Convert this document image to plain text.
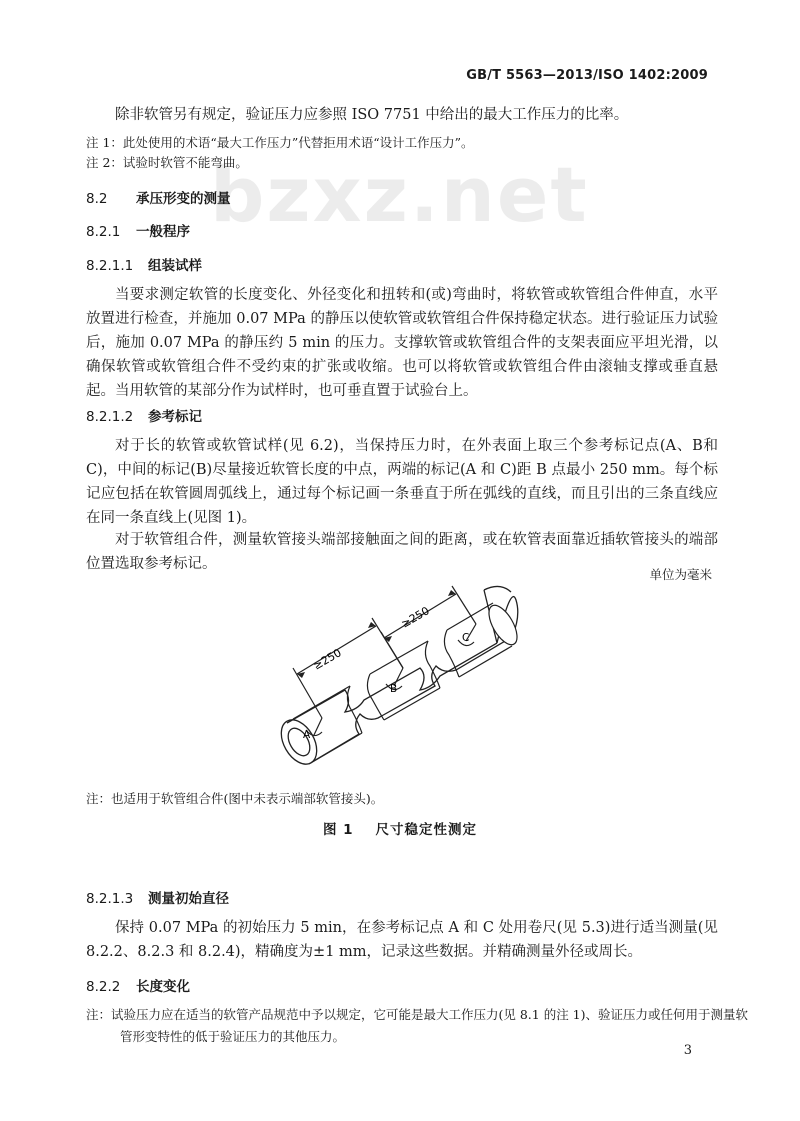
bzxz.net
GB/T 5563—2013/ISO 1402:2009
除非软管另有规定，验证压力应参照 ISO 7751 中给出的最大工作压力的比率。
注 1：此处使用的术语“最大工作压力”代替拒用术语“设计工作压力”。
注 2：试验时软管不能弯曲。
8.2 承压形变的测量
8.2.1 一般程序
8.2.1.1 组装试样
当要求测定软管的长度变化、外径变化和扭转和(或)弯曲时，将软管或软管组合件伸直，水平放置进行检查，并施加 0.07 MPa 的静压以使软管或软管组合件保持稳定状态。进行验证压力试验后，施加 0.07 MPa 的静压约 5 min 的压力。支撑软管或软管组合件的支架表面应平坦光滑，以确保软管或软管组合件不受约束的扩张或收缩。也可以将软管或软管组合件由滚轴支撑或垂直悬起。当用软管的某部分作为试样时，也可垂直置于试验台上。
8.2.1.2 参考标记
对于长的软管或软管试样(见 6.2)，当保持压力时，在外表面上取三个参考标记点(A、B和 C)，中间的标记(B)尽量接近软管长度的中点，两端的标记(A 和 C)距 B 点最小 250 mm。每个标记应包括在软管圆周弧线上，通过每个标记画一条垂直于所在弧线的直线，而且引出的三条直线应在同一条直线上(见图 1)。
对于软管组合件，测量软管接头端部接触面之间的距离，或在软管表面靠近插软管接头的端部位置选取参考标记。
单位为毫米
≥250
≥250
A
B
C
注：也适用于软管组合件(图中未表示端部软管接头)。
图 1 尺寸稳定性测定
8.2.1.3 测量初始直径
保持 0.07 MPa 的初始压力 5 min，在参考标记点 A 和 C 处用卷尺(见 5.3)进行适当测量(见 8.2.2、8.2.3 和 8.2.4)，精确度为±1 mm，记录这些数据。并精确测量外径或周长。
8.2.2 长度变化
注：试验压力应在适当的软管产品规范中予以规定，它可能是最大工作压力(见 8.1 的注 1)、验证压力或任何用于测量软管形变特性的低于验证压力的其他压力。
3
